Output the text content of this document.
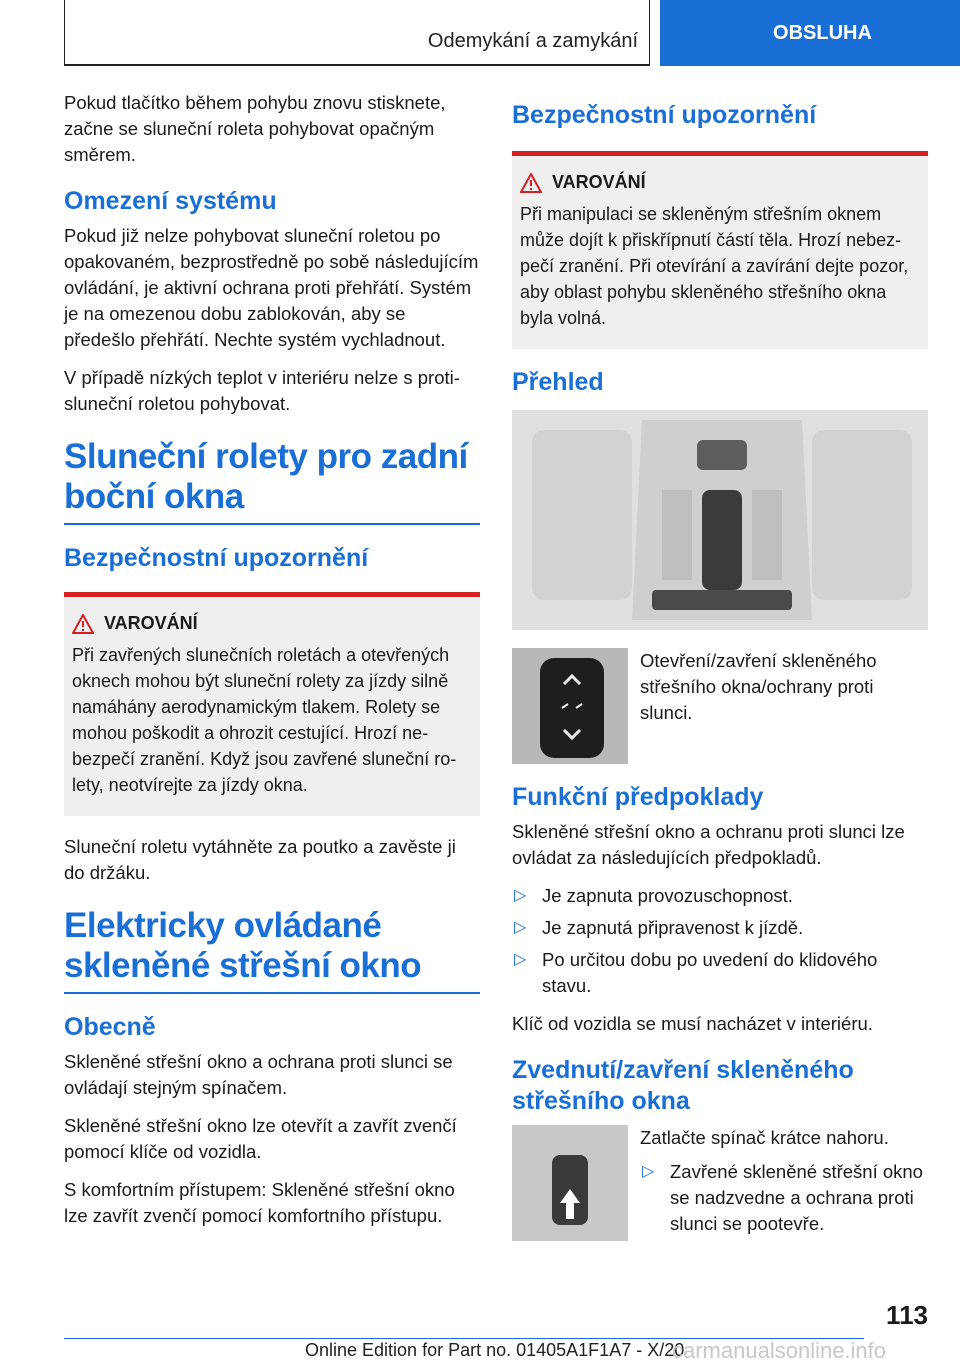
Odemykání a zamykání	OBSLUHA

Pokud tlačítko během pohybu znovu stisknete, začne se sluneční roleta pohybovat opačným směrem.

Omezení systému

Pokud již nelze pohybovat sluneční roletou po opakovaném, bezprostředně po sobě následujícím ovládání, je aktivní ochrana proti přehřátí. Systém je na omezenou dobu zablokován, aby se předešlo přehřátí. Nechte systém vychladnout.

V případě nízkých teplot v interiéru nelze s protisluneční roletou pohybovat.

Sluneční rolety pro zadní boční okna
Bezpečnostní upozornění
VAROVÁNÍ

Při zavřených slunečních roletách a otevřených oknech mohou být sluneční rolety za jízdy silně namáhány aerodynamickým tlakem. Rolety se mohou poškodit a ohrozit cestující. Hrozí nebezpečí zranění. Když jsou zavřené sluneční rolety, neotvírejte za jízdy okna.

Sluneční roletu vytáhněte za poutko a zavěste ji do držáku.

Elektricky ovládané skleněné střešní okno
Obecně

Skleněné střešní okno a ochrana proti slunci se ovládají stejným spínačem.

Skleněné střešní okno lze otevřít a zavřít zvenčí pomocí klíče od vozidla.

S komfortním přístupem: Skleněné střešní okno lze zavřít zvenčí pomocí komfortního přístupu.

Bezpečnostní upozornění
VAROVÁNÍ

Při manipulaci se skleněným střešním oknem může dojít k přiskřípnutí částí těla. Hrozí nebezpečí zranění. Při otevírání a zavírání dejte pozor, aby oblast pohybu skleněného střešního okna byla volná.

Přehled

Otevření/zavření skleněného střešního okna/ochrany proti slunci.

Funkční předpoklady

Skleněné střešní okno a ochranu proti slunci lze ovládat za následujících předpokladů.

▷ Je zapnuta provozuschopnost.
▷ Je zapnutá připravenost k jízdě.
▷ Po určitou dobu po uvedení do klidového stavu.

Klíč od vozidla se musí nacházet v interiéru.

Zvednutí/zavření skleněného střešního okna

Zatlačte spínač krátce nahoru.

▷ Zavřené skleněné střešní okno se nadzvedne a ochrana proti slunci se pootevře.
113
Online Edition for Part no. 01405A1F1A7 - X/20
carmanualsonline.info
